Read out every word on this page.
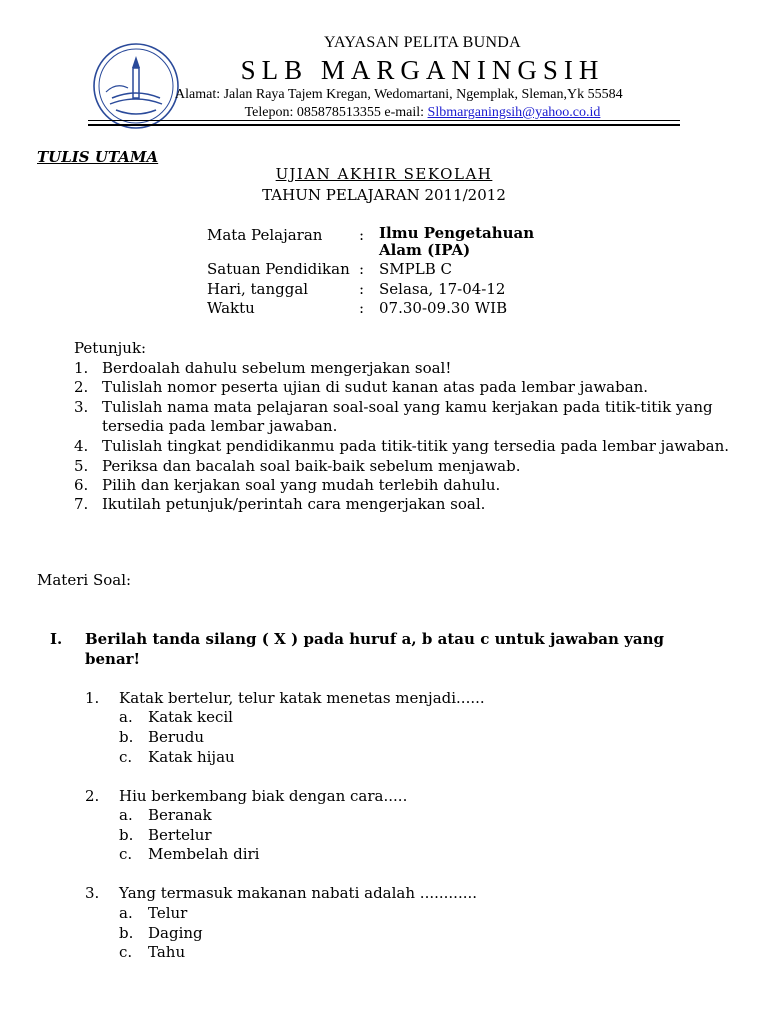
YAYASAN PELITA BUNDA
SLB MARGANINGSIH
Alamat: Jalan Raya Tajem Kregan, Wedomartani, Ngemplak, Sleman,Yk 55584
Telepon: 085878513355 e-mail: Slbmarganingsih@yahoo.co.id
TULIS UTAMA
UJIAN AKHIR SEKOLAH
TAHUN PELAJARAN 2011/2012
Mata Pelajaran : Ilmu Pengetahuan
Alam (IPA)
Satuan Pendidikan : SMPLB C
Hari, tanggal	: Selasa, 17-04-12
Waktu	: 07.30-09.30 WIB
Petunjuk:
1. Berdoalah dahulu sebelum mengerjakan soal!
2. Tulislah nomor peserta ujian di sudut kanan atas pada lembar jawaban.
3. Tulislah nama mata pelajaran soal-soal yang kamu kerjakan pada titik-titik yang
tersedia pada lembar jawaban.
4. Tulislah tingkat pendidikanmu pada titik-titik yang tersedia pada lembar jawaban.
5. Periksa dan bacalah soal baik-baik sebelum menjawab.
6. Pilih dan kerjakan soal yang mudah terlebih dahulu.
7. Ikutilah petunjuk/perintah cara mengerjakan soal.
Materi Soal:
I. Berilah tanda silang ( X ) pada huruf a, b atau c untuk jawaban yang
benar!
1. Katak bertelur, telur katak menetas menjadi......
a. Katak kecil
b. Berudu
c. Katak hijau
2. Hiu berkembang biak dengan cara.....
a. Beranak
b. Bertelur
c. Membelah diri
3. Yang termasuk makanan nabati adalah ............
a. Telur
b. Daging
c. Tahu
